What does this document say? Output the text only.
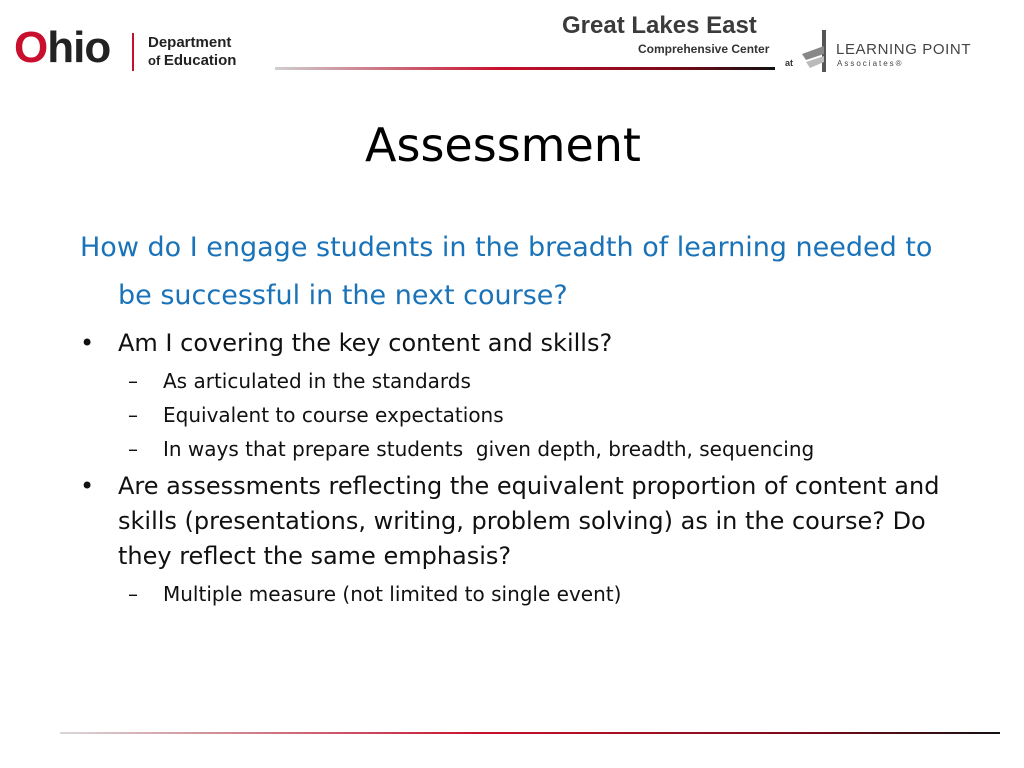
Ohio	Department
of Education
Great Lakes East
Comprehensive Center
at
LEARNING POINT
Associates®
Assessment

How do I engage students in the breadth of learning needed to be successful in the next course?

• Am I covering the key content and skills?
– As articulated in the standards
– Equivalent to course expectations
– In ways that prepare students  given depth, breadth, sequencing
• Are assessments reflecting the equivalent proportion of content and skills (presentations, writing, problem solving) as in the course? Do they reflect the same emphasis?
– Multiple measure (not limited to single event)
